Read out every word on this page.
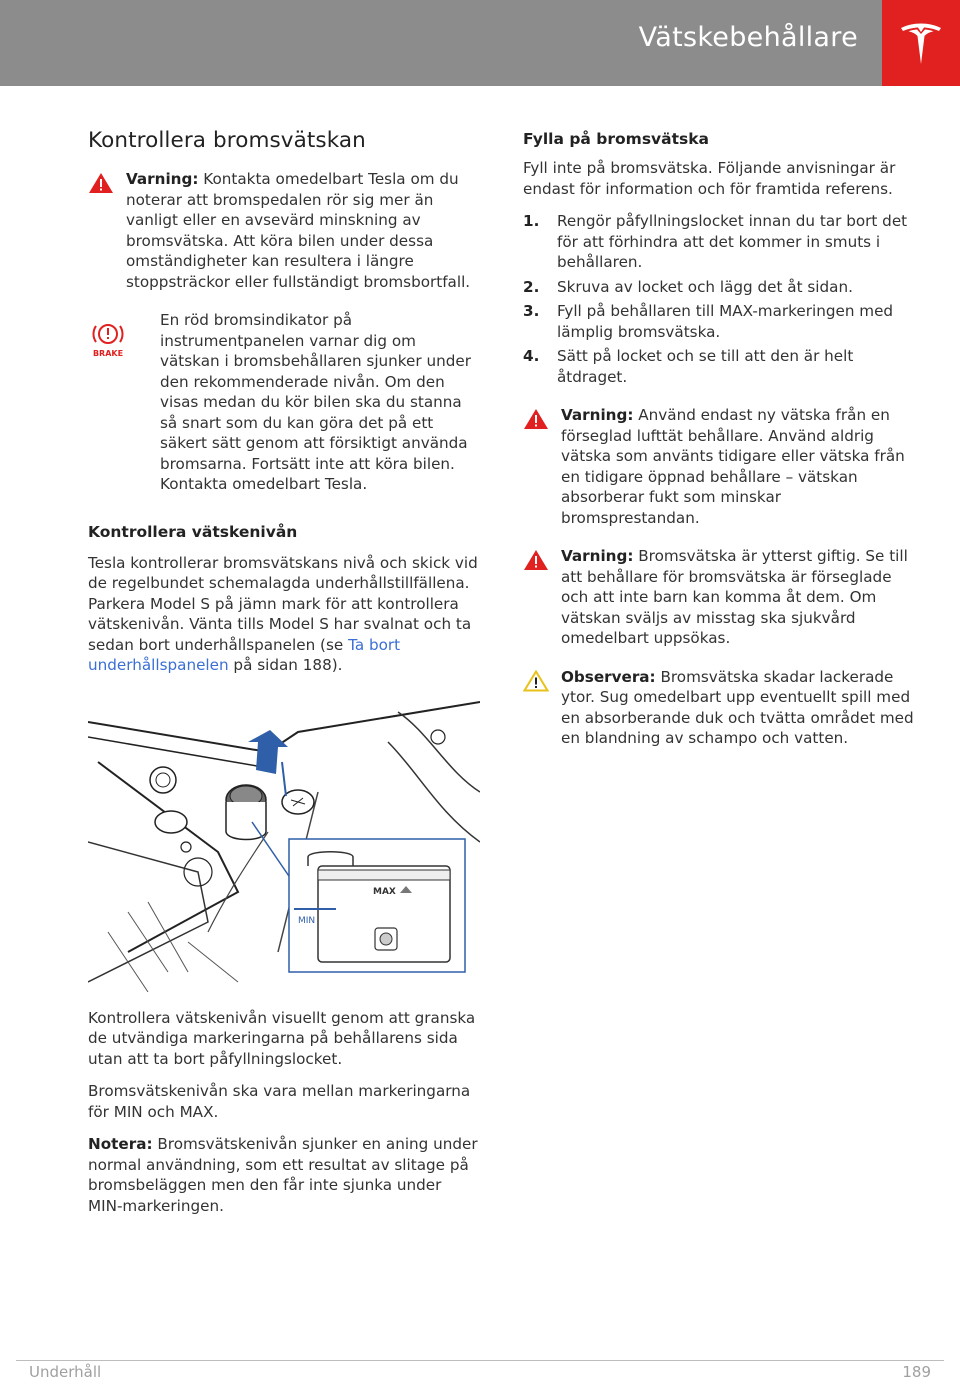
Vätskebehållare
Kontrollera bromsvätskan
Varning: Kontakta omedelbart Tesla om du noterar att bromspedalen rör sig mer än vanligt eller en avsevärd minskning av bromsvätska. Att köra bilen under dessa omständigheter kan resultera i längre stoppsträckor eller fullständigt bromsbortfall.
BRAKE
En röd bromsindikator på instrumentpanelen varnar dig om vätskan i bromsbehållaren sjunker under den rekommenderade nivån. Om den visas medan du kör bilen ska du stanna så snart som du kan göra det på ett säkert sätt genom att försiktigt använda bromsarna. Fortsätt inte att köra bilen. Kontakta omedelbart Tesla.
Kontrollera vätskenivån

Tesla kontrollerar bromsvätskans nivå och skick vid de regelbundet schemalagda underhållstillfällena. Parkera Model S på jämn mark för att kontrollera vätskenivån. Vänta tills Model S har svalnat och ta sedan bort underhållspanelen (se Ta bort underhållspanelen på sidan 188).

MAX
MIN

Kontrollera vätskenivån visuellt genom att granska de utvändiga markeringarna på behållarens sida utan att ta bort påfyllningslocket.

Bromsvätskenivån ska vara mellan markeringarna för MIN och MAX.

Notera: Bromsvätskenivån sjunker en aning under normal användning, som ett resultat av slitage på bromsbeläggen men den får inte sjunka under MIN-markeringen.

Fylla på bromsvätska

Fyll inte på bromsvätska. Följande anvisningar är endast för information och för framtida referens.

1.	Rengör påfyllningslocket innan du tar bort det för att förhindra att det kommer in smuts i behållaren.
2.	Skruva av locket och lägg det åt sidan.
3.	Fyll på behållaren till MAX-markeringen med lämplig bromsvätska.
4.	Sätt på locket och se till att den är helt åtdraget.
Varning: Använd endast ny vätska från en förseglad lufttät behållare. Använd aldrig vätska som använts tidigare eller vätska från en tidigare öppnad behållare – vätskan absorberar fukt som minskar bromsprestandan.
Varning: Bromsvätska är ytterst giftig. Se till att behållare för bromsvätska är förseglade och att inte barn kan komma åt dem. Om vätskan sväljs av misstag ska sjukvård omedelbart uppsökas.
Observera: Bromsvätska skadar lackerade ytor. Sug omedelbart upp eventuellt spill med en absorberande duk och tvätta området med en blandning av schampo och vatten.
Underhåll	189
